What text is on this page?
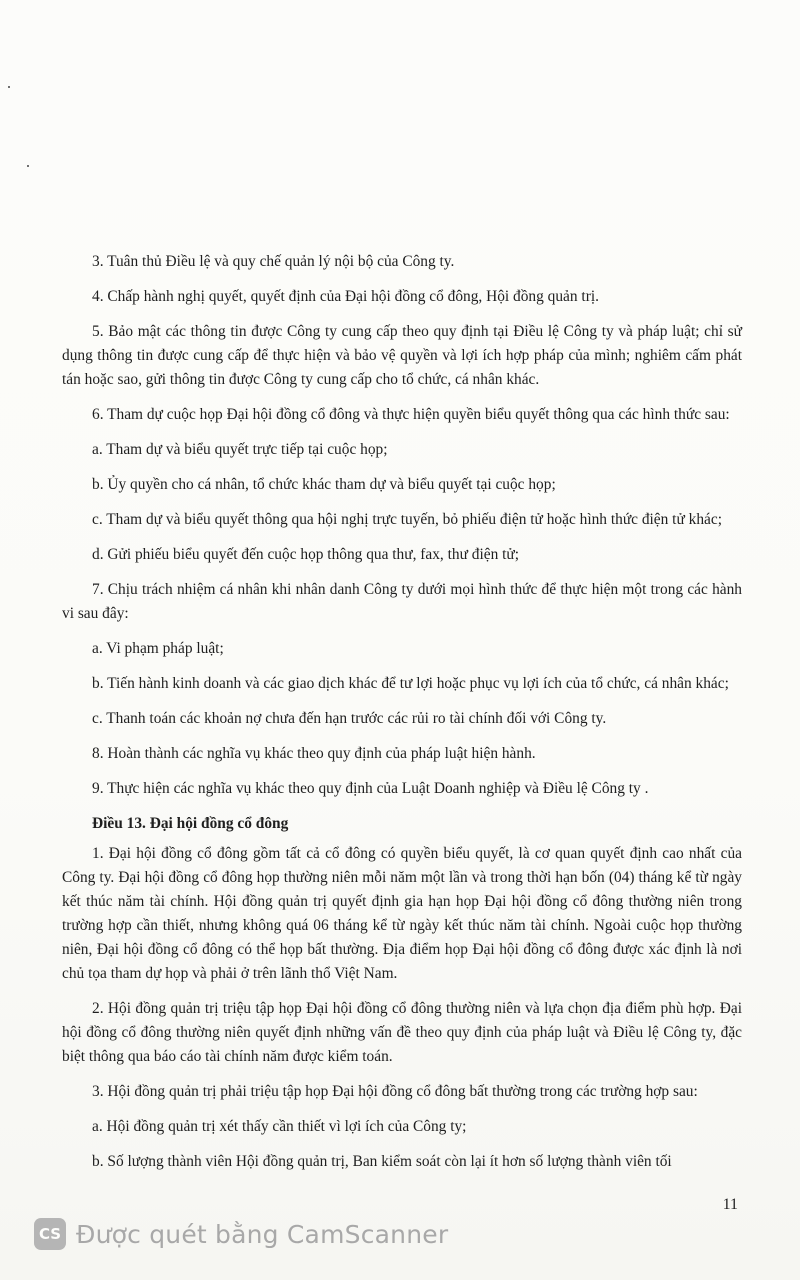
3. Tuân thủ Điều lệ và quy chế quản lý nội bộ của Công ty.

4. Chấp hành nghị quyết, quyết định của Đại hội đồng cổ đông, Hội đồng quản trị.

5. Bảo mật các thông tin được Công ty cung cấp theo quy định tại Điều lệ Công ty và pháp luật; chỉ sử dụng thông tin được cung cấp để thực hiện và bảo vệ quyền và lợi ích hợp pháp của mình; nghiêm cấm phát tán hoặc sao, gửi thông tin được Công ty cung cấp cho tổ chức, cá nhân khác.

6. Tham dự cuộc họp Đại hội đồng cổ đông và thực hiện quyền biểu quyết thông qua các hình thức sau:

a. Tham dự và biểu quyết trực tiếp tại cuộc họp;

b. Ủy quyền cho cá nhân, tổ chức khác tham dự và biểu quyết tại cuộc họp;

c. Tham dự và biểu quyết thông qua hội nghị trực tuyến, bỏ phiếu điện tử hoặc hình thức điện tử khác;

d. Gửi phiếu biểu quyết đến cuộc họp thông qua thư, fax, thư điện tử;

7. Chịu trách nhiệm cá nhân khi nhân danh Công ty dưới mọi hình thức để thực hiện một trong các hành vi sau đây:

a. Vi phạm pháp luật;

b. Tiến hành kinh doanh và các giao dịch khác để tư lợi hoặc phục vụ lợi ích của tổ chức, cá nhân khác;

c. Thanh toán các khoản nợ chưa đến hạn trước các rủi ro tài chính đối với Công ty.

8. Hoàn thành các nghĩa vụ khác theo quy định của pháp luật hiện hành.

9. Thực hiện các nghĩa vụ khác theo quy định của Luật Doanh nghiệp và Điều lệ Công ty .

Điều 13. Đại hội đồng cổ đông

1. Đại hội đồng cổ đông gồm tất cả cổ đông có quyền biểu quyết, là cơ quan quyết định cao nhất của Công ty. Đại hội đồng cổ đông họp thường niên mỗi năm một lần và trong thời hạn bốn (04) tháng kể từ ngày kết thúc năm tài chính. Hội đồng quản trị quyết định gia hạn họp Đại hội đồng cổ đông thường niên trong trường hợp cần thiết, nhưng không quá 06 tháng kể từ ngày kết thúc năm tài chính. Ngoài cuộc họp thường niên, Đại hội đồng cổ đông có thể họp bất thường. Địa điểm họp Đại hội đồng cổ đông được xác định là nơi chủ tọa tham dự họp và phải ở trên lãnh thổ Việt Nam.

2. Hội đồng quản trị triệu tập họp Đại hội đồng cổ đông thường niên và lựa chọn địa điểm phù hợp. Đại hội đồng cổ đông thường niên quyết định những vấn đề theo quy định của pháp luật và Điều lệ Công ty, đặc biệt thông qua báo cáo tài chính năm được kiểm toán.

3. Hội đồng quản trị phải triệu tập họp Đại hội đồng cổ đông bất thường trong các trường hợp sau:

a. Hội đồng quản trị xét thấy cần thiết vì lợi ích của Công ty;

b. Số lượng thành viên Hội đồng quản trị, Ban kiểm soát còn lại ít hơn số lượng thành viên tối

11
CS Được quét bằng CamScanner
